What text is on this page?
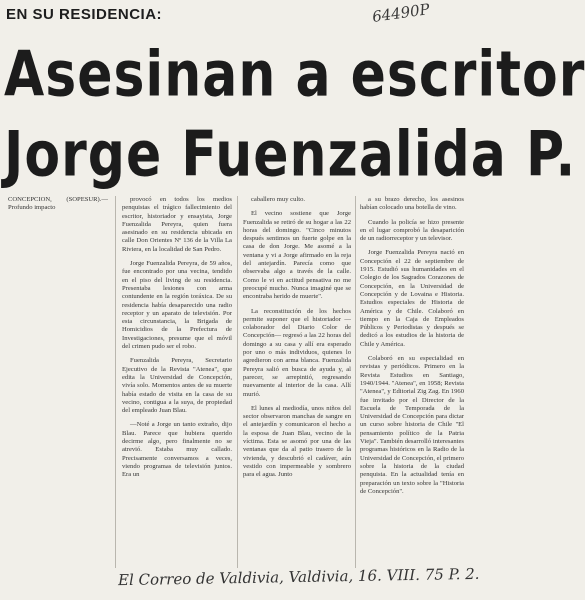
EN SU RESIDENCIA:	64490P
Asesinan a escritor
Jorge Fuenzalida P.

CONCEPCION, (SOPESUR).— Profundo impacto

provocó en todos los medios penquistas el trágico fallecimiento del escritor, historiador y ensayista, Jorge Fuenzalida Pereyra, quien fuera asesinado en su residencia ubicada en calle Don Orientes Nº 136 de la Villa La Riviera, en la localidad de San Pedro.

Jorge Fuenzalida Pereyra, de 59 años, fue encontrado por una vecina, tendido en el piso del living de su residencia. Presentaba lesiones con arma contundente en la región toráxica. De su residencia había desaparecido una radio receptor y un aparato de televisión. Por esta circunstancia, la Brigada de Homicidios de la Prefectura de Investigaciones, presume que el móvil del crimen pudo ser el robo.

Fuenzalida Pereyra, Secretario Ejecutivo de la Revista "Atenea", que edita la Universidad de Concepción, vivía solo. Momentos antes de su muerte había estado de visita en la casa de su vecino, contigua a la suya, de propiedad del empleado Juan Blau.

—Noté a Jorge un tanto extraño, dijo Blau. Parece que hubiera querido decirme algo, pero finalmente no se atrevió. Estaba muy callado. Precisamente conversamos a veces, viendo programas de televisión juntos. Era un

caballero muy culto.

El vecino sostiene que Jorge Fuenzalida se retiró de su hogar a las 22 horas del domingo. "Cinco minutos después sentimos un fuerte golpe en la casa de don Jorge. Me asomé a la ventana y vi a Jorge afirmado en la reja del antejardín. Parecía como que observaba algo a través de la calle. Como le vi en actitud pensativa no me preocupé mucho. Nunca imaginé que se encontraba herido de muerte".

La reconstitución de los hechos permite suponer que el historiador —colaborador del Diario Color de Concepción— regresó a las 22 horas del domingo a su casa y allí era esperado por uno o más individuos, quienes lo agredieron con arma blanca. Fuenzalida Pereyra salió en busca de ayuda y, al parecer, se arrepintió, regresando nuevamente al interior de la casa. Allí murió.

El lunes al mediodía, unos niños del sector observaron manchas de sangre en el antejardín y comunicaron el hecho a la esposa de Juan Blau, vecino de la víctima. Esta se asomó por una de las ventanas que da al patio trasero de la vivienda, y descubrió el cadáver, aún vestido con impermeable y sombrero para el agua. Junto

a su brazo derecho, los asesinos habían colocado una botella de vino.

Cuando la policía se hizo presente en el lugar comprobó la desaparición de un radiorreceptor y un televisor.

Jorge Fuenzalida Pereyra nació en Concepción el 22 de septiembre de 1915. Estudió sus humanidades en el Colegio de los Sagrados Corazones de Concepción, en la Universidad de Concepción y de Lovaina e Historia. Estudios especiales de Historia de América y de Chile. Colaboró en tiempo en la Caja de Empleados Públicos y Periodistas y después se dedicó a los estudios de la historia de Chile y América.

Colaboró en su especialidad en revistas y periódicos. Primero en la Revista Estudios en Santiago, 1940/1944. "Atenea", en 1958; Revista "Atenea", y Editorial Zig Zag. En 1960 fue invitado por el Director de la Escuela de Temporada de la Universidad de Concepción para dictar un curso sobre historia de Chile "El pensamiento político de la Patria Vieja". También desarrolló interesantes programas históricos en la Radio de la Universidad de Concepción, el primero sobre la historia de la ciudad penquista. En la actualidad tenía en preparación un texto sobre la "Historia de Concepción".

El Correo de Valdivia, Valdivia, 16. VIII. 75 P. 2.
